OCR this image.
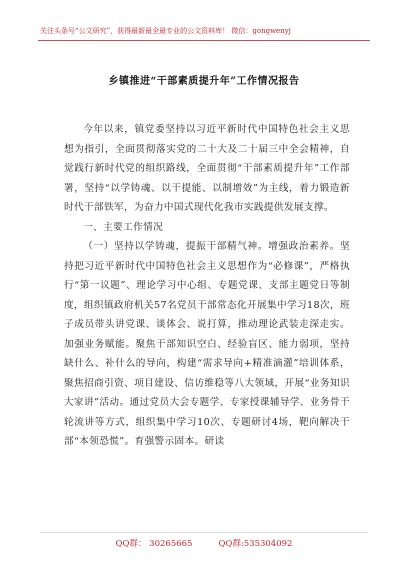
关注头条号“公文研究”，获得最新最全最专业的公文资料库！ 微信：gongwenyj
乡镇推进“干部素质提升年”工作情况报告

今年以来，镇党委坚持以习近平新时代中国特色社会主义思想为指引，全面贯彻落实党的二十大及二十届三中全会精神，自觉践行新时代党的组织路线，全面贯彻“干部素质提升年”工作部署，坚持“以学铸魂、以干提能、以制增效”为主线，着力锻造新时代干部铁军，为奋力中国式现代化我市实践提供发展支撑。

一、主要工作情况

（一）坚持以学铸魂，提振干部精气神。增强政治素养。坚持把习近平新时代中国特色社会主义思想作为“必修课”，严格执行“第一议题”、理论学习中心组、专题党课、支部主题党日等制度，组织镇政府机关57名党员干部常态化开展集中学习18次，班子成员带头讲党课、谈体会、说打算，推动理论武装走深走实。加强业务赋能。聚焦干部知识空白、经验盲区、能力弱项，坚持缺什么、补什么的导向，构建“需求导向+精准滴灌”培训体系，聚焦招商引资、项目建设、信访维稳等八大领域，开展“业务知识大家讲”活动。通过党员大会专题学、专家授课辅导学、业务骨干轮流讲等方式，组织集中学习10次、专题研讨4场，靶向解决干部“本领恐慌”。育强警示固本。研读

QQ群： 30265665	QQ群:535304092
